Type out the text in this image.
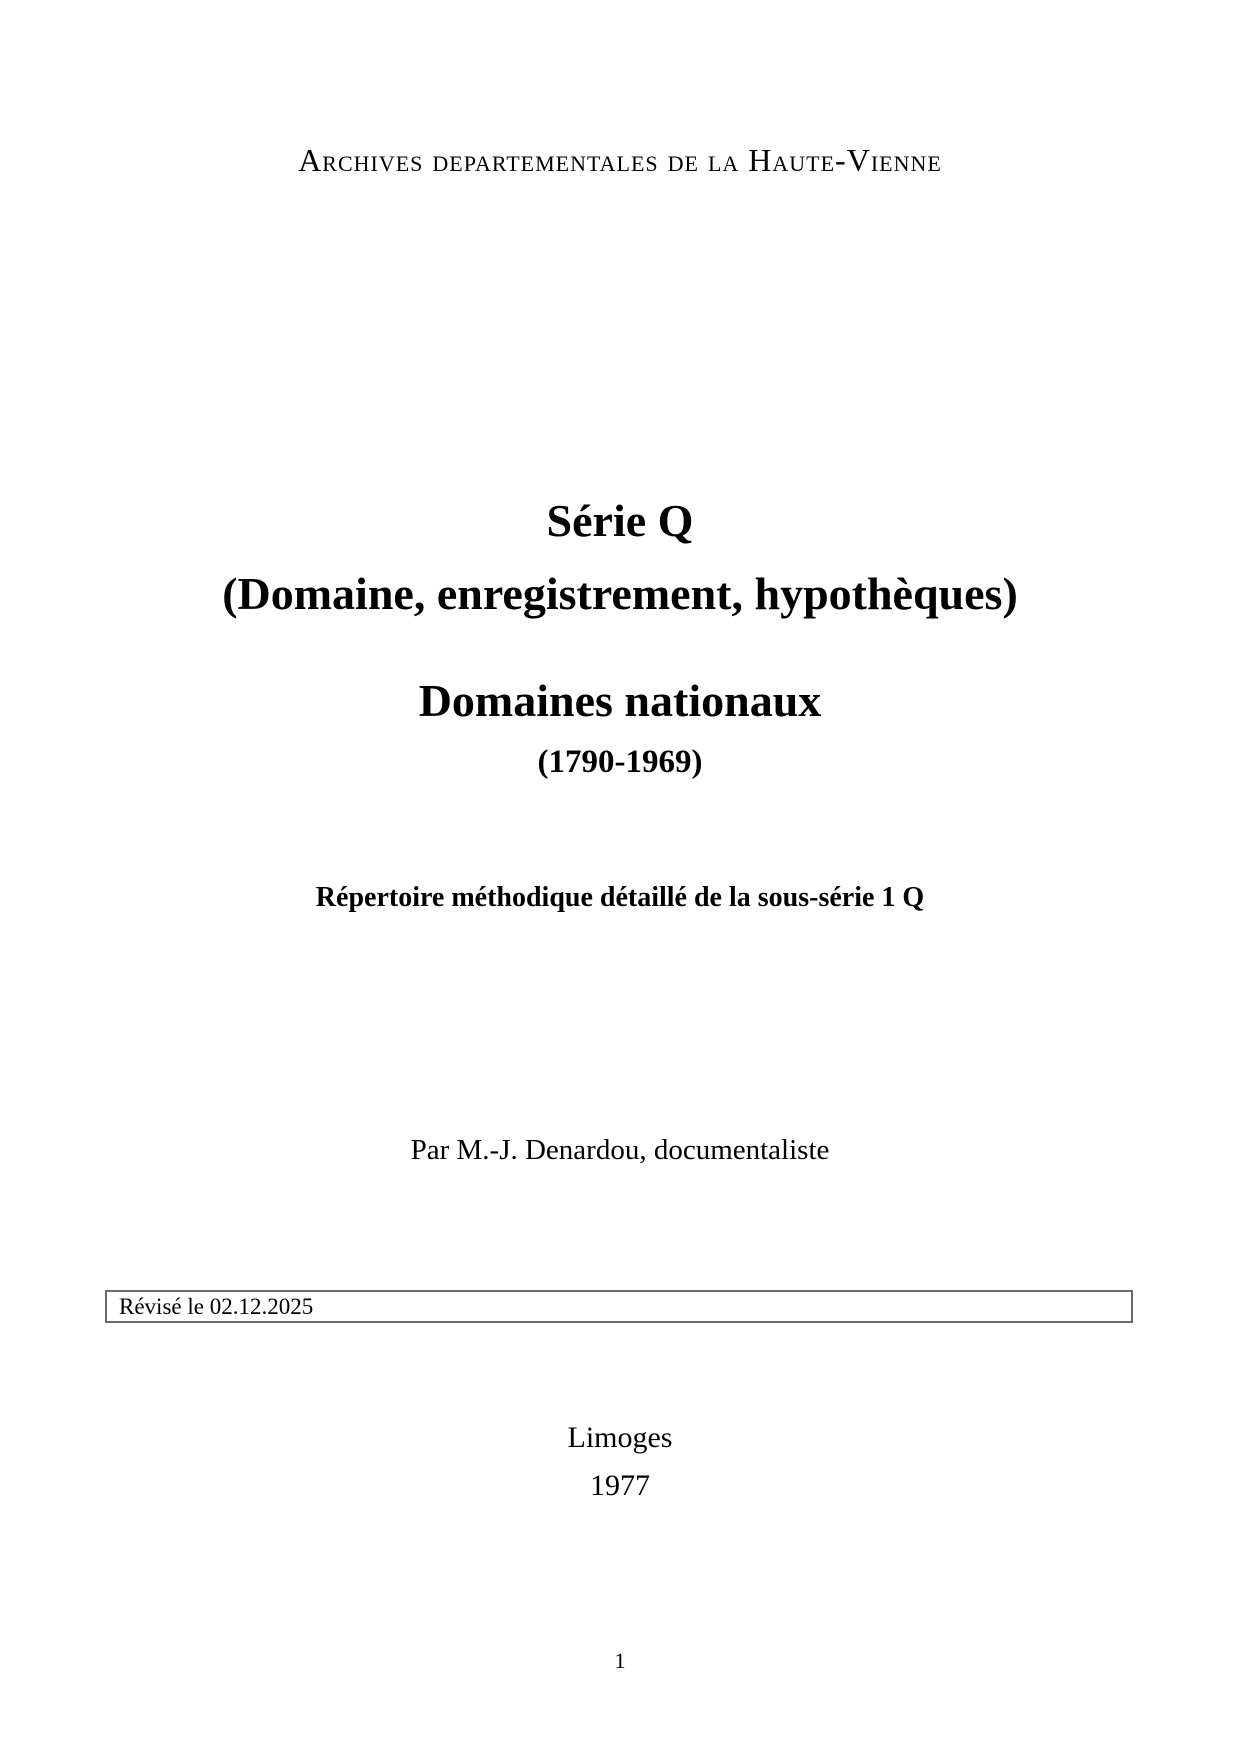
Archives departementales de la Haute-Vienne
Série Q
(Domaine, enregistrement, hypothèques)
Domaines nationaux
(1790-1969)
Répertoire méthodique détaillé de la sous-série 1 Q
Par M.-J. Denardou, documentaliste
Révisé le 02.12.2025
Limoges
1977
1
